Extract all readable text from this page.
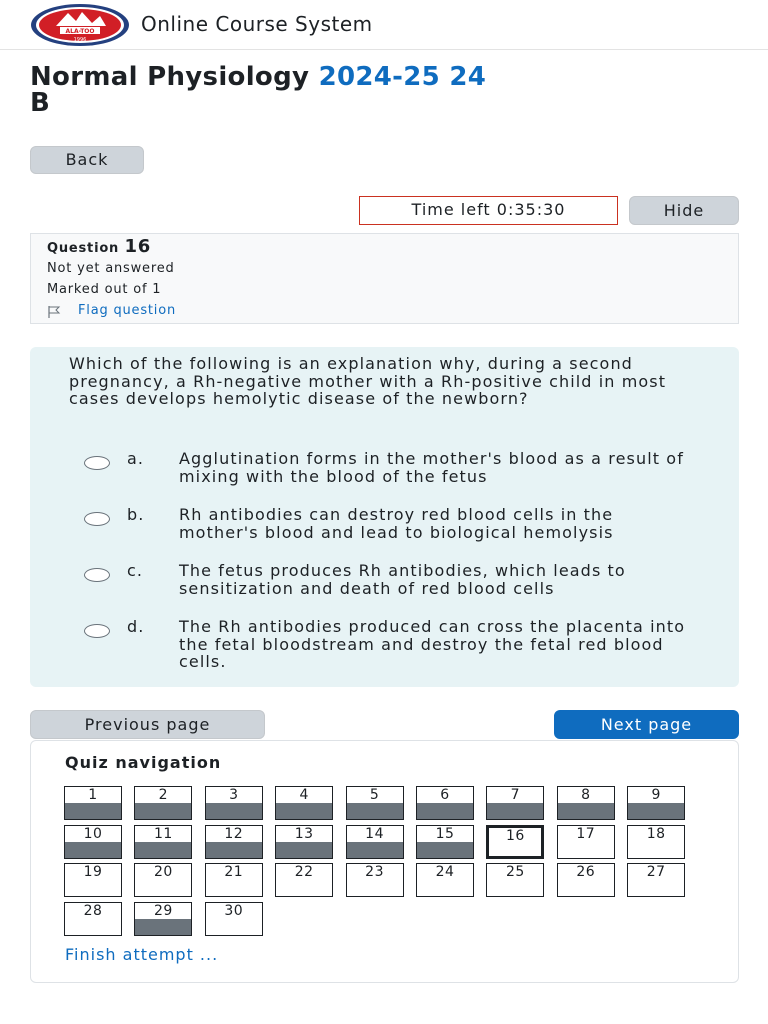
ALA-TOO
1996
Online Course System
Normal Physiology 2024-25 24
B
Back
Time left 0:35:30	Hide
Question 16
Not yet answered
Marked out of 1
Flag question
Which of the following is an explanation why, during a second pregnancy, a Rh-negative mother with a Rh-positive child in most cases develops hemolytic disease of the newborn?
a. Agglutination forms in the mother's blood as a result of mixing with the blood of the fetus
b. Rh antibodies can destroy red blood cells in the mother's blood and lead to biological hemolysis
c. The fetus produces Rh antibodies, which leads to sensitization and death of red blood cells
d. The Rh antibodies produced can cross the placenta into the fetal bloodstream and destroy the fetal red blood cells.
Previous page	Next page
Quiz navigation
1	2	3	4	5	6	7	8	9
10	11	12	13	14	15	16	17	18
19	20	21	22	23	24	25	26	27
28	29	30
Finish attempt ...
